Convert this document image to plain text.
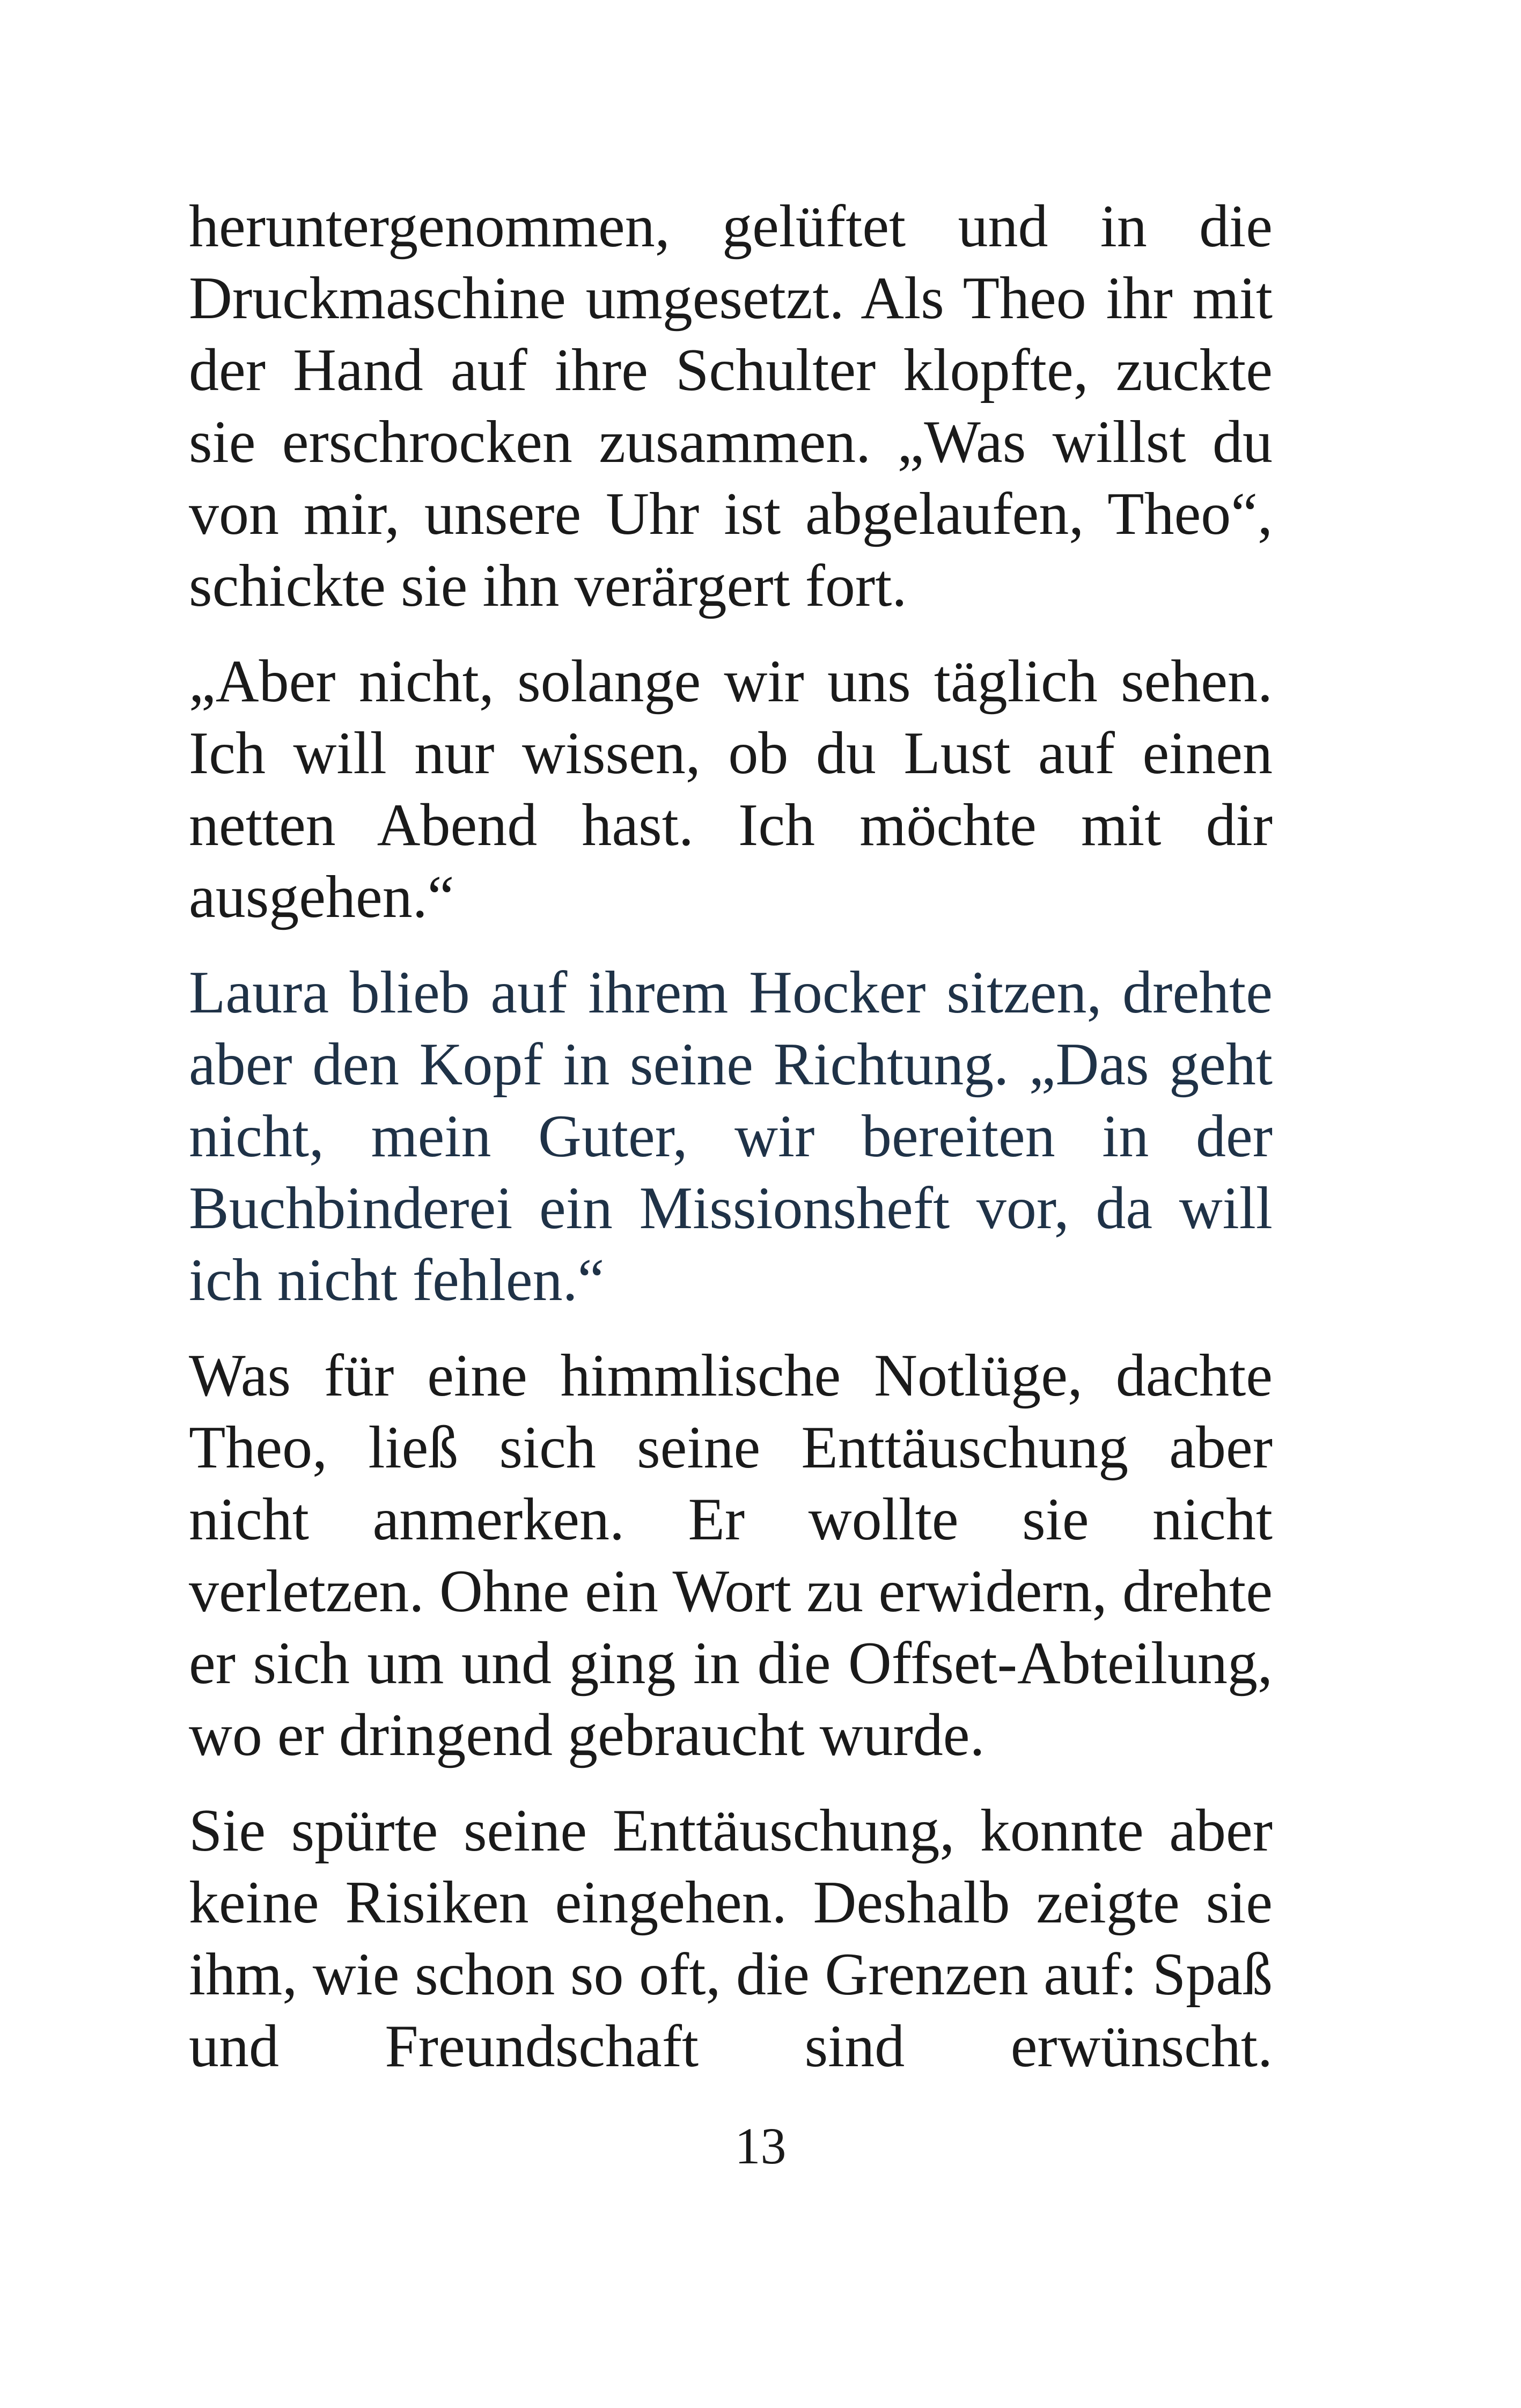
heruntergenommen, gelüftet und in die Druckmaschine umgesetzt. Als Theo ihr mit der Hand auf ihre Schulter klopfte, zuckte sie erschrocken zusammen. „Was willst du von mir, unsere Uhr ist abgelaufen, Theo“, schickte sie ihn verärgert fort.

„Aber nicht, solange wir uns täglich sehen. Ich will nur wissen, ob du Lust auf einen netten Abend hast. Ich möchte mit dir ausgehen.“

Laura blieb auf ihrem Hocker sitzen, drehte aber den Kopf in seine Richtung. „Das geht nicht, mein Guter, wir bereiten in der Buchbinderei ein Missionsheft vor, da will ich nicht fehlen.“

Was für eine himmlische Notlüge, dachte Theo, ließ sich seine Enttäuschung aber nicht anmerken. Er wollte sie nicht verletzen. Ohne ein Wort zu erwidern, drehte er sich um und ging in die Offset-Abteilung, wo er dringend gebraucht wurde.

Sie spürte seine Enttäuschung, konnte aber keine Risiken eingehen. Deshalb zeigte sie ihm, wie schon so oft, die Grenzen auf: Spaß und Freundschaft sind erwünscht.

13
